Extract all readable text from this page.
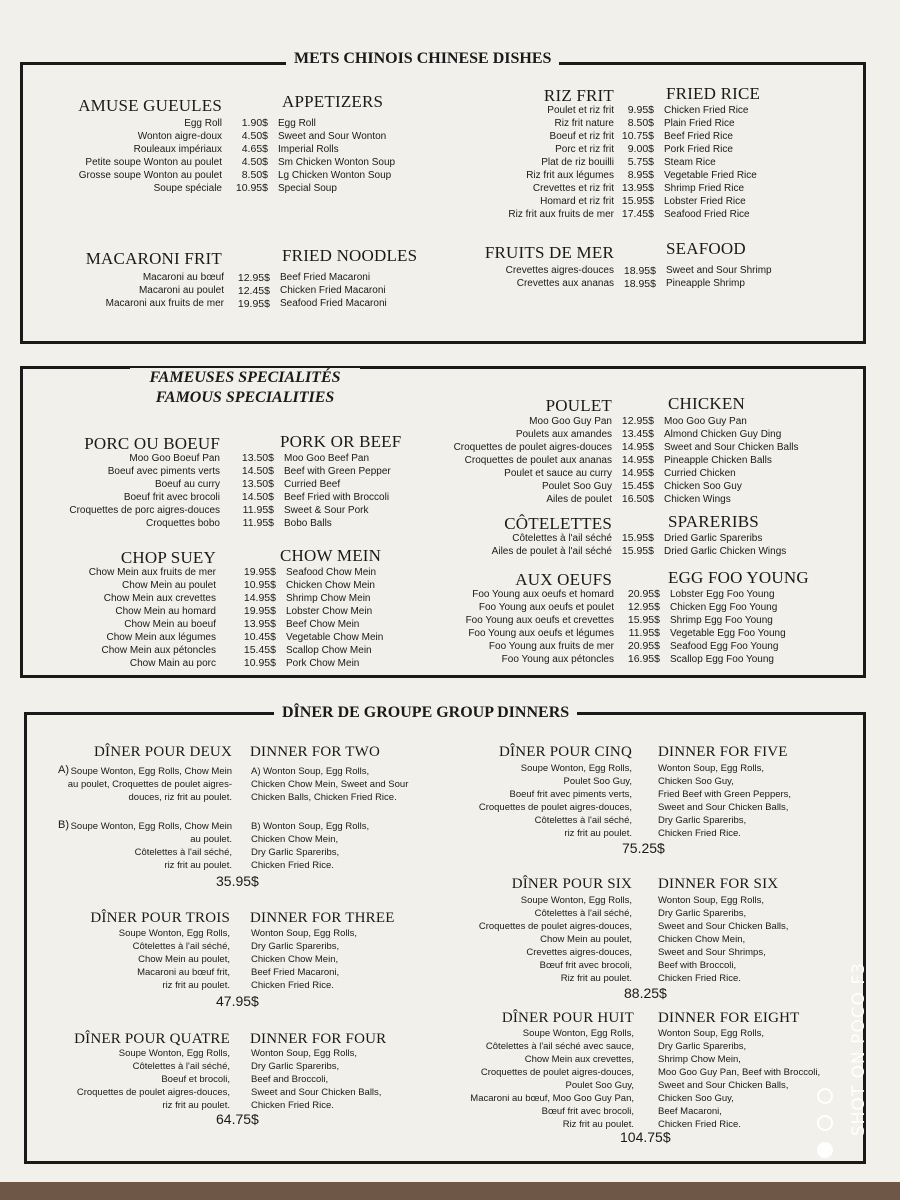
METS CHINOIS CHINESE DISHES
AMUSE GUEULES	APPETIZERS
Egg Roll	1.90$	Egg Roll
Wonton aigre-doux	4.50$	Sweet and Sour Wonton
Rouleaux impériaux	4.65$	Imperial Rolls
Petite soupe Wonton au poulet	4.50$	Sm Chicken Wonton Soup
Grosse soupe Wonton au poulet	8.50$	Lg Chicken Wonton Soup
Soupe spéciale	10.95$	Special Soup
MACARONI FRIT	FRIED NOODLES
Macaroni au bœuf	12.95$	Beef Fried Macaroni
Macaroni au poulet	12.45$	Chicken Fried Macaroni
Macaroni aux fruits de mer	19.95$	Seafood Fried Macaroni
RIZ FRIT	FRIED RICE
Poulet et riz frit	9.95$	Chicken Fried Rice
Riz frit nature	8.50$	Plain Fried Rice
Boeuf et riz frit 10.75$	Beef Fried Rice
Porc et riz frit	9.00$	Pork Fried Rice
Plat de riz bouilli	5.75$	Steam Rice
Riz frit aux légumes	8.95$	Vegetable Fried Rice
Crevettes et riz frit 13.95$	Shrimp Fried Rice
Homard et riz frit 15.95$	Lobster Fried Rice
Riz frit aux fruits de mer 17.45$	Seafood Fried Rice
FRUITS DE MER	SEAFOOD
Crevettes aigres-douces 18.95$	Sweet and Sour Shrimp
Crevettes aux ananas 18.95$	Pineapple Shrimp
FAMEUSES SPECIALITÉS
FAMOUS SPECIALITIES
PORC OU BOEUF	PORK OR BEEF
Moo Goo Boeuf Pan	13.50$	Moo Goo Beef Pan
Boeuf avec piments verts	14.50$	Beef with Green Pepper
Boeuf au curry	13.50$	Curried Beef
Boeuf frit avec brocoli	14.50$	Beef Fried with Broccoli
Croquettes de porc aigres-douces	11.95$	Sweet & Sour Pork
Croquettes bobo	11.95$	Bobo Balls
CHOP SUEY	CHOW MEIN
Chow Mein aux fruits de mer	19.95$	Seafood Chow Mein
Chow Mein au poulet	10.95$	Chicken Chow Mein
Chow Mein aux crevettes	14.95$	Shrimp Chow Mein
Chow Mein au homard	19.95$	Lobster Chow Mein
Chow Mein au boeuf	13.95$	Beef Chow Mein
Chow Mein aux légumes	10.45$	Vegetable Chow Mein
Chow Mein aux pétoncles	15.45$	Scallop Chow Mein
Chow Main au porc	10.95$	Pork Chow Mein
POULET	CHICKEN
Moo Goo Guy Pan 12.95$	Moo Goo Guy Pan
Poulets aux amandes 13.45$	Almond Chicken Guy Ding
Croquettes de poulet aigres-douces 14.95$	Sweet and Sour Chicken Balls
Croquettes de poulet aux ananas 14.95$	Pineapple Chicken Balls
Poulet et sauce au curry 14.95$	Curried Chicken
Poulet Soo Guy 15.45$	Chicken Soo Guy
Ailes de poulet 16.50$	Chicken Wings
CÔTELETTES	SPARERIBS
Côtelettes à l'ail séché 15.95$	Dried Garlic Spareribs
Ailes de poulet à l'ail séché 15.95$	Dried Garlic Chicken Wings
AUX OEUFS	EGG FOO YOUNG
Foo Young aux oeufs et homard	20.95$	Lobster Egg Foo Young
Foo Young aux oeufs et poulet	12.95$	Chicken Egg Foo Young
Foo Young aux oeufs et crevettes	15.95$	Shrimp Egg Foo Young
Foo Young aux oeufs et légumes	11.95$	Vegetable Egg Foo Young
Foo Young aux fruits de mer	20.95$	Seafood Egg Foo Young
Foo Young aux pétoncles	16.95$	Scallop Egg Foo Young
DÎNER DE GROUPE GROUP DINNERS
DÎNER POUR DEUX DINNER FOR TWO
A) Soupe Wonton, Egg Rolls, Chow Mein
au poulet, Croquettes de poulet aigres-
douces, riz frit au poulet.
A) Wonton Soup, Egg Rolls,
Chicken Chow Mein, Sweet and Sour
Chicken Balls, Chicken Fried Rice.
B) Soupe Wonton, Egg Rolls, Chow Mein
au poulet.
Côtelettes à l'ail séché,
riz frit au poulet.
B) Wonton Soup, Egg Rolls,
Chicken Chow Mein,
Dry Garlic Spareribs,
Chicken Fried Rice.
35.95$
DÎNER POUR TROIS DINNER FOR THREE
Soupe Wonton, Egg Rolls,
Côtelettes à l'ail séché,
Chow Mein au poulet,
Macaroni au bœuf frit,
riz frit au poulet.
Wonton Soup, Egg Rolls,
Dry Garlic Spareribs,
Chicken Chow Mein,
Beef Fried Macaroni,
Chicken Fried Rice.
47.95$
DÎNER POUR QUATRE DINNER FOR FOUR
Soupe Wonton, Egg Rolls,
Côtelettes à l'ail séché,
Boeuf et brocoli,
Croquettes de poulet aigres-douces,
riz frit au poulet.
Wonton Soup, Egg Rolls,
Dry Garlic Spareribs,
Beef and Broccoli,
Sweet and Sour Chicken Balls,
Chicken Fried Rice.
64.75$
DÎNER POUR CINQ DINNER FOR FIVE
Soupe Wonton, Egg Rolls,
Poulet Soo Guy,
Boeuf frit avec piments verts,
Croquettes de poulet aigres-douces,
Côtelettes à l'ail séché,
riz frit au poulet.
Wonton Soup, Egg Rolls,
Chicken Soo Guy,
Fried Beef with Green Peppers,
Sweet and Sour Chicken Balls,
Dry Garlic Spareribs,
Chicken Fried Rice.
75.25$
DÎNER POUR SIX DINNER FOR SIX
Soupe Wonton, Egg Rolls,
Côtelettes à l'ail séché,
Croquettes de poulet aigres-douces,
Chow Mein au poulet,
Crevettes aigres-douces,
Bœuf frit avec brocoli,
Riz frit au poulet.
Wonton Soup, Egg Rolls,
Dry Garlic Spareribs,
Sweet and Sour Chicken Balls,
Chicken Chow Mein,
Sweet and Sour Shrimps,
Beef with Broccoli,
Chicken Fried Rice.
88.25$
DÎNER POUR HUIT DINNER FOR EIGHT
Soupe Wonton, Egg Rolls,
Côtelettes à l'ail séché avec sauce,
Chow Mein aux crevettes,
Croquettes de poulet aigres-douces,
Poulet Soo Guy,
Macaroni au bœuf, Moo Goo Guy Pan,
Bœuf frit avec brocoli,
Riz frit au poulet.
Wonton Soup, Egg Rolls,
Dry Garlic Spareribs,
Shrimp Chow Mein,
Moo Goo Guy Pan, Beef with Broccoli,
Sweet and Sour Chicken Balls,
Chicken Soo Guy,
Beef Macaroni,
Chicken Fried Rice.
104.75$
SHOT ON POCO F3
